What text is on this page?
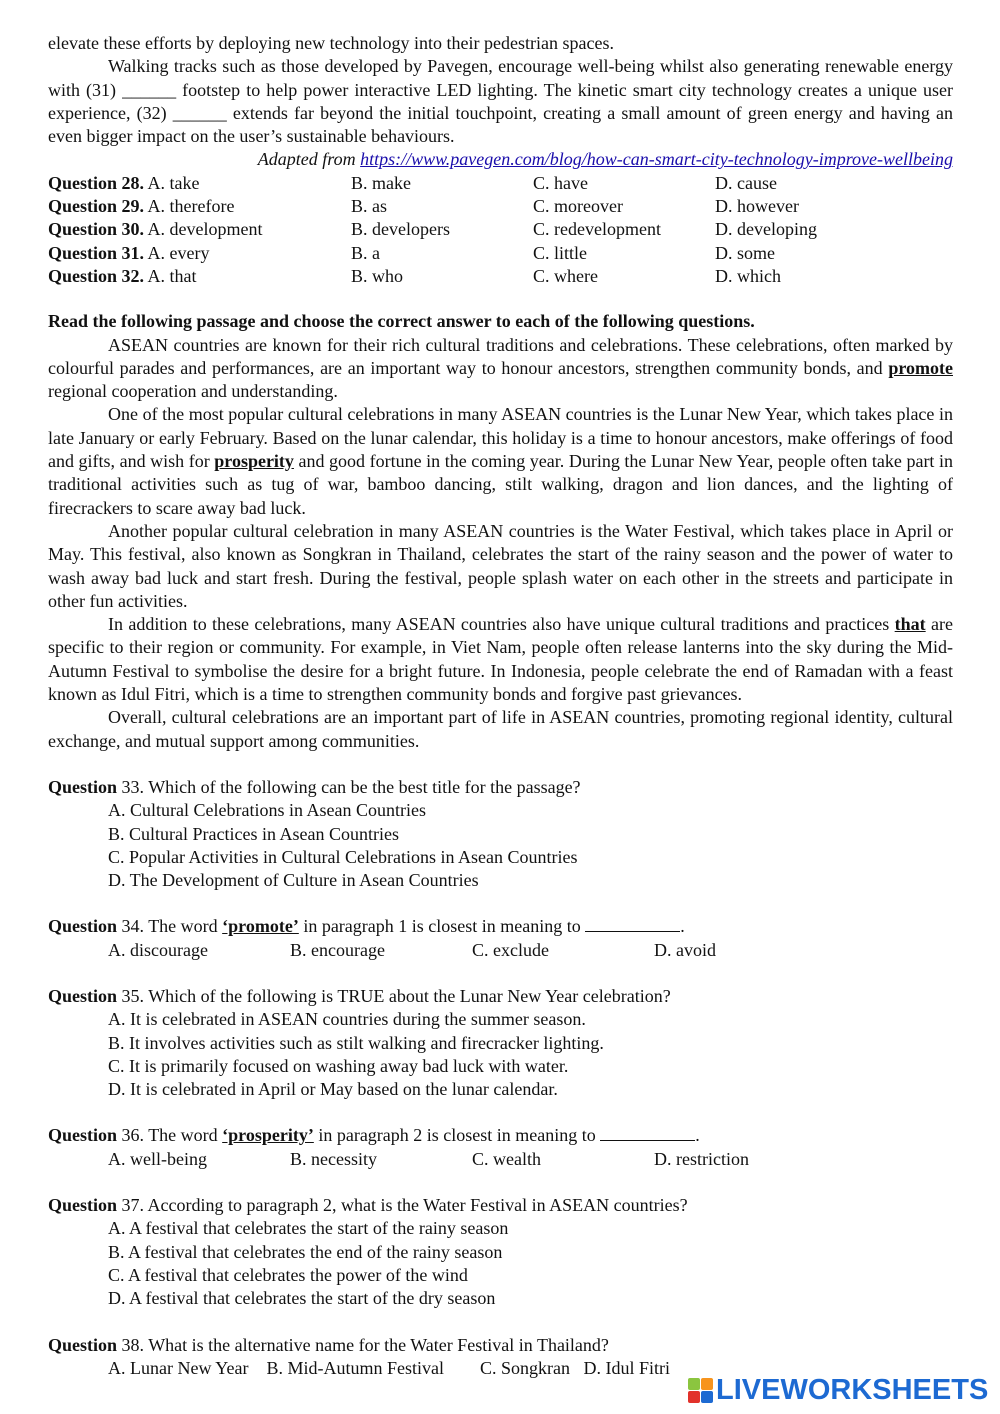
elevate these efforts by deploying new technology into their pedestrian spaces.

Walking tracks such as those developed by Pavegen, encourage well-being whilst also generating renewable energy with (31) ______ footstep to help power interactive LED lighting. The kinetic smart city technology creates a unique user experience, (32) ______ extends far beyond the initial touchpoint, creating a small amount of green energy and having an even bigger impact on the user’s sustainable behaviours.

Adapted from https://www.pavegen.com/blog/how-can-smart-city-technology-improve-wellbeing
Question 28. A. take	B. make	C. have	D. cause
Question 29. A. therefore	B. as	C. moreover	D. however
Question 30. A. development	B. developers	C. redevelopment	D. developing
Question 31. A. every	B. a	C. little	D. some
Question 32. A. that	B. who	C. where	D. which
Read the following passage and choose the correct answer to each of the following questions.

ASEAN countries are known for their rich cultural traditions and celebrations. These celebrations, often marked by colourful parades and performances, are an important way to honour ancestors, strengthen community bonds, and promote regional cooperation and understanding.

One of the most popular cultural celebrations in many ASEAN countries is the Lunar New Year, which takes place in late January or early February. Based on the lunar calendar, this holiday is a time to honour ancestors, make offerings of food and gifts, and wish for prosperity and good fortune in the coming year. During the Lunar New Year, people often take part in traditional activities such as tug of war, bamboo dancing, stilt walking, dragon and lion dances, and the lighting of firecrackers to scare away bad luck.

Another popular cultural celebration in many ASEAN countries is the Water Festival, which takes place in April or May. This festival, also known as Songkran in Thailand, celebrates the start of the rainy season and the power of water to wash away bad luck and start fresh. During the festival, people splash water on each other in the streets and participate in other fun activities.

In addition to these celebrations, many ASEAN countries also have unique cultural traditions and practices that are specific to their region or community. For example, in Viet Nam, people often release lanterns into the sky during the Mid-Autumn Festival to symbolise the desire for a bright future. In Indonesia, people celebrate the end of Ramadan with a feast known as Idul Fitri, which is a time to strengthen community bonds and forgive past grievances.

Overall, cultural celebrations are an important part of life in ASEAN countries, promoting regional identity, cultural exchange, and mutual support among communities.

Question 33. Which of the following can be the best title for the passage?
A. Cultural Celebrations in Asean Countries
B. Cultural Practices in Asean Countries
C. Popular Activities in Cultural Celebrations in Asean Countries
D. The Development of Culture in Asean Countries
Question 34. The word ‘promote’ in paragraph 1 is closest in meaning to	.
A. discourage	B. encourage	C. exclude	D. avoid
Question 35. Which of the following is TRUE about the Lunar New Year celebration?
A. It is celebrated in ASEAN countries during the summer season.
B. It involves activities such as stilt walking and firecracker lighting.
C. It is primarily focused on washing away bad luck with water.
D. It is celebrated in April or May based on the lunar calendar.
Question 36. The word ‘prosperity’ in paragraph 2 is closest in meaning to	.
A. well-being	B. necessity	C. wealth	D. restriction
Question 37. According to paragraph 2, what is the Water Festival in ASEAN countries?
A. A festival that celebrates the start of the rainy season
B. A festival that celebrates the end of the rainy season
C. A festival that celebrates the power of the wind
D. A festival that celebrates the start of the dry season
Question 38. What is the alternative name for the Water Festival in Thailand?
A. Lunar New Year B. Mid-Autumn Festival C. Songkran D. Idul Fitri
LIVEWORKSHEETS
